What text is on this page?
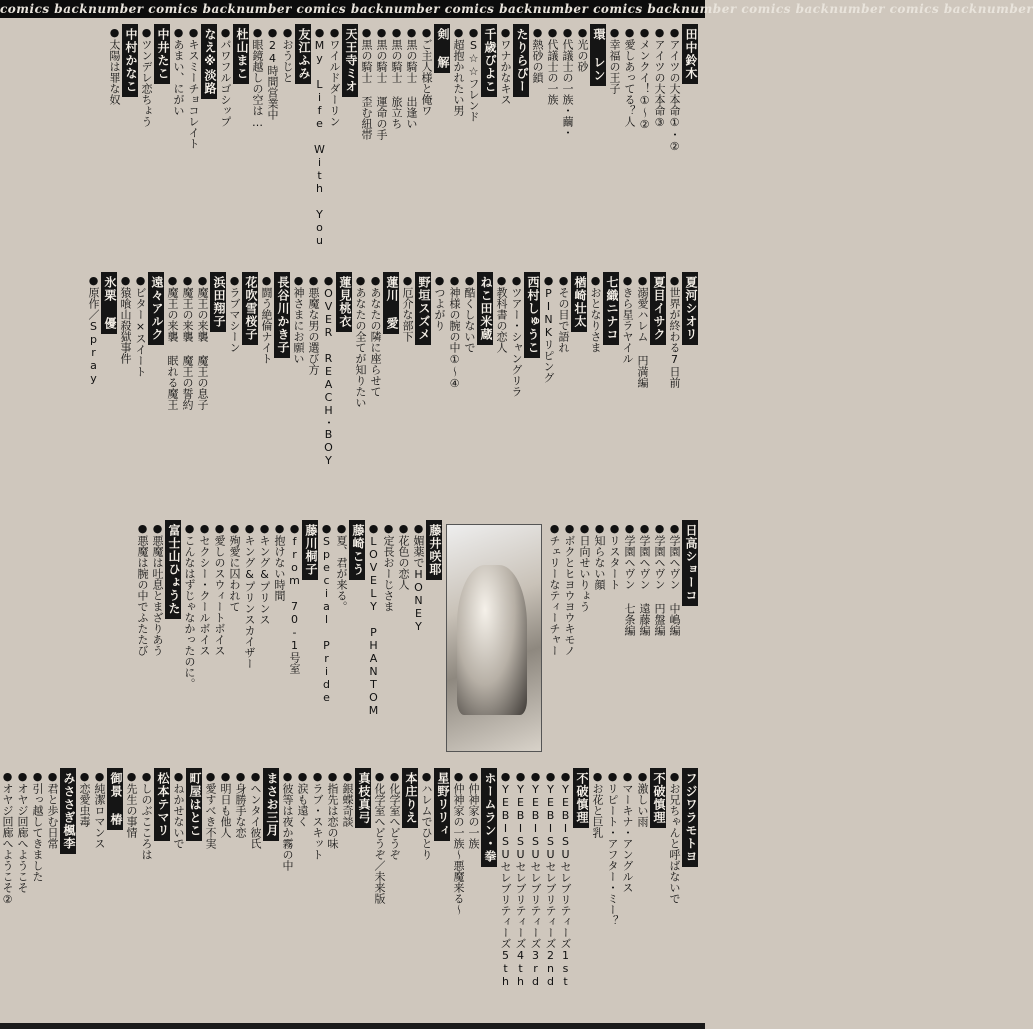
comics backnumber comics backnumber comics backnumber comics backnumber comics backnumber comics backnumber comics backnumber
田中鈴木
●アイツの大本命①・②
●アイツの大本命③
●メンクイ！①～②
●愛しあってる？人
●幸福の王子
環 レン
●光の砂
●代議士の一族・繭・
●代議士の一族
●熱砂の鎖
たりらぴー
●ワナかなキス
千歳ぴよこ
●S☆☆フレンド
●超抱かれたい男
剣 解
●ご主人様と俺ワ
●黒の騎士 出逢い
●黒の騎士 旅立ち
●黒の騎士 運命の手
●黒の騎士 歪む紐帯
天王寺ミオ
●ワイルドダーリン
●My Life With You
友江ふみ
●おうじと
●24時間営業中
●眼鏡越しの空は…
杜山まこ
●パワフルゴシップ
なえ※淡路
●キスミーチョコレイト
●あまい、にがい
中井たこ
●ツンデレ恋ちょう
中村かなこ
●太陽は罪な奴
夏河シオリ
●世界が終わる7日前
夏目イサク
●溺愛ハレム 円満編
●きら星ラヤイル
七織ニナコ
●おとなりさま
楢崎壮太
●その目で語れ
●PINKリピング
西村しゅうこ
●ツアー・シャングリラ
●教科書の恋人
ねこ田米蔵
●酷くしないで
●神様の腕の中①～④
●つよがり
野垣スズメ
●厄介な部下
蓮川 愛
●あなたの隣に座らせて
●あなたの全てが知りたい
蓮見桃衣
●OVER REACH・BOY
●悪魔な男の選び方
●神さまにお願い
長谷川かき子
●闘う絶倫ナイト
花吹雪桜子
●ラブマシーン
浜田翔子
●魔王の来襲 魔王の息子
●魔王の来襲 魔王の誓約
●魔王の来襲 眠れる魔王
遠々アルク
●ビター×スイート
●猿喰山殺獄事件
氷栗 優
●原作／Spray
日高ショーコ
●学園ヘヴン 中嶋編
●学園ヘヴン 円盤編
●学園ヘヴン 遠藤編
●学園ヘヴン 七条編
●リスタート
●知らない顔
●日向せいりょう
●ボクとヒヨウヨウキモノ
●チェリーなティーチャー
藤井咲耶
●媚薬でHONEY
●花色の恋人
●定長おーじさま
●LOVELY PHANTOM
藤崎こう
●夏、君が来る。
●Special Pride
藤川桐子
●from 70-1号室
●抱けない時間
●キング&プリンス
●キング&プリンスカイザー
●殉愛に囚われて
●愛しのスウィートボイス
●セクシー・クールボイス
●こんなはずじゃなかったのに。
富士山ひょうた
●悪魔は吐息とまざりあう
●悪魔は腕の中でふたたび
フジワラモトヨ
●お兄ちゃんと呼ばないで
不破慎理
●激しい雨
●マーキナ・アングルス
●リピート・アフター・ミー？
●お花と巨乳
不破慎理
●YEBISUセレブリティーズ1st
●YEBISUセレブリティーズ2nd
●YEBISUセレブリティーズ3rd
●YEBISUセレブリティーズ4th
●YEBISUセレブリティーズ5th
ホームラン・拳
●仲神家の一族
●仲神家の一族～悪魔来る～
星野リリィ
●ハレムでひとり
本庄りえ
●化学室へどうぞ
●化学室へどうぞ／未来版
真枝真弓
●銀蝶奇談
●指先は恋の味
●ラブ・スキット
●涙も遠く
●彼等は夜か霧の中
まさお三月
●ヘンタイ彼氏
●身勝手な恋
●明日も他人
●愛すべき不実
町屋はとこ
●ねかせないで
松本テマリ
●しのぶこころは
●先生の事情
御景 椿
●純潔ロマンス
●恋愛虫毒
みささぎ楓李
●君と歩む日常
●引っ越してきました
●オヤジ回廊へようこそ
●オヤジ回廊へようこそ②
